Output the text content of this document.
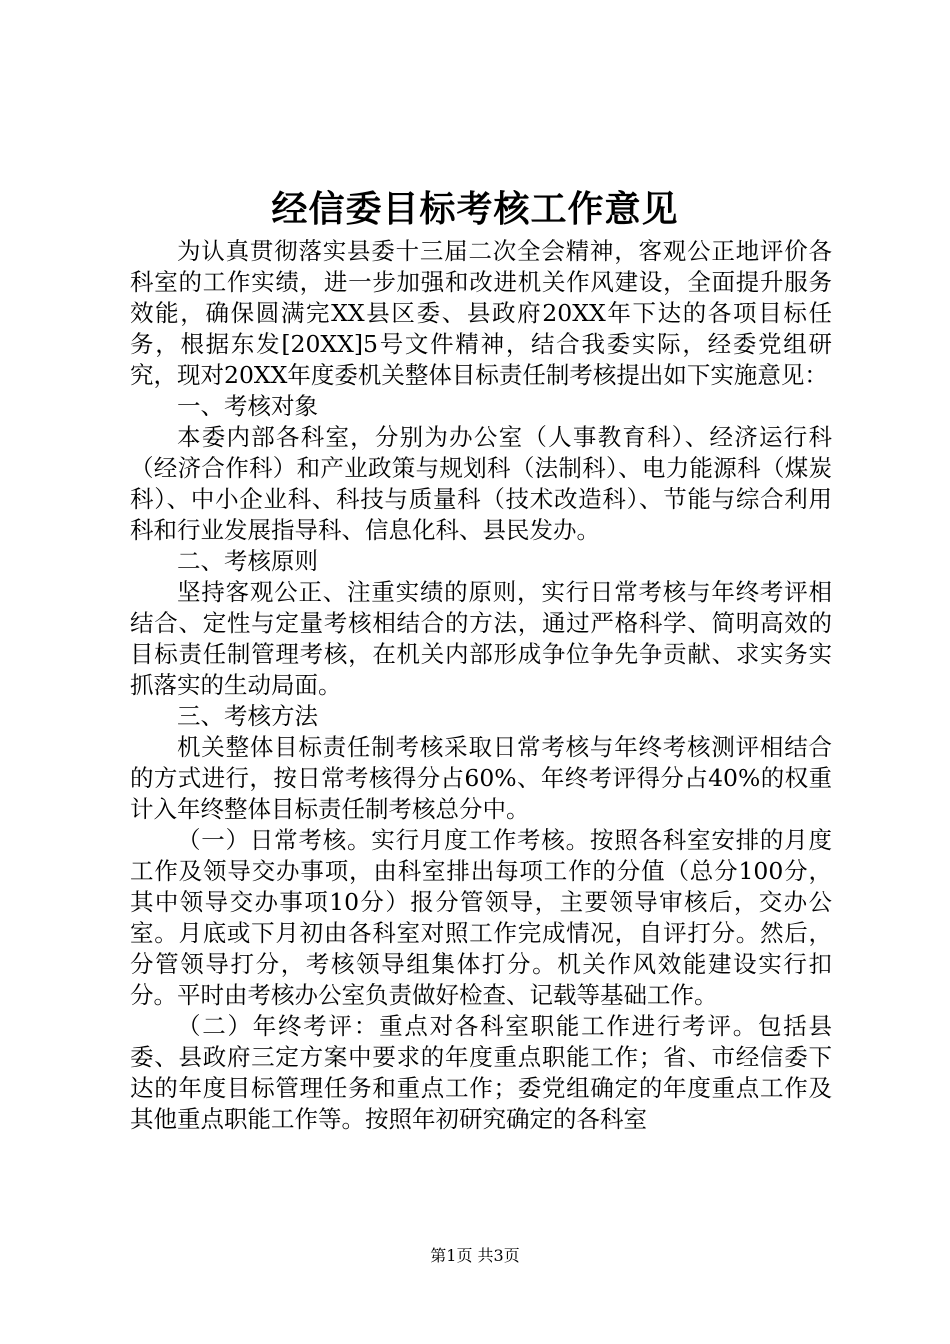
经信委目标考核工作意见

为认真贯彻落实县委十三届二次全会精神，客观公正地评价各科室的工作实绩，进一步加强和改进机关作风建设，全面提升服务效能，确保圆满完XX县区委、县政府20XX年下达的各项目标任务，根据东发[20XX]5号文件精神，结合我委实际，经委党组研究，现对20XX年度委机关整体目标责任制考核提出如下实施意见：

一、考核对象

本委内部各科室，分别为办公室（人事教育科）、经济运行科（经济合作科）和产业政策与规划科（法制科）、电力能源科（煤炭科）、中小企业科、科技与质量科（技术改造科）、节能与综合利用科和行业发展指导科、信息化科、县民发办。

二、考核原则

坚持客观公正、注重实绩的原则，实行日常考核与年终考评相结合、定性与定量考核相结合的方法，通过严格科学、简明高效的目标责任制管理考核，在机关内部形成争位争先争贡献、求实务实抓落实的生动局面。

三、考核方法

机关整体目标责任制考核采取日常考核与年终考核测评相结合的方式进行，按日常考核得分占60%、年终考评得分占40%的权重计入年终整体目标责任制考核总分中。

（一）日常考核。实行月度工作考核。按照各科室安排的月度工作及领导交办事项，由科室排出每项工作的分值（总分100分，其中领导交办事项10分）报分管领导，主要领导审核后，交办公室。月底或下月初由各科室对照工作完成情况，自评打分。然后，分管领导打分，考核领导组集体打分。机关作风效能建设实行扣分。平时由考核办公室负责做好检查、记载等基础工作。

（二）年终考评：重点对各科室职能工作进行考评。包括县委、县政府三定方案中要求的年度重点职能工作；省、市经信委下达的年度目标管理任务和重点工作；委党组确定的年度重点工作及其他重点职能工作等。按照年初研究确定的各科室

第1页 共3页
